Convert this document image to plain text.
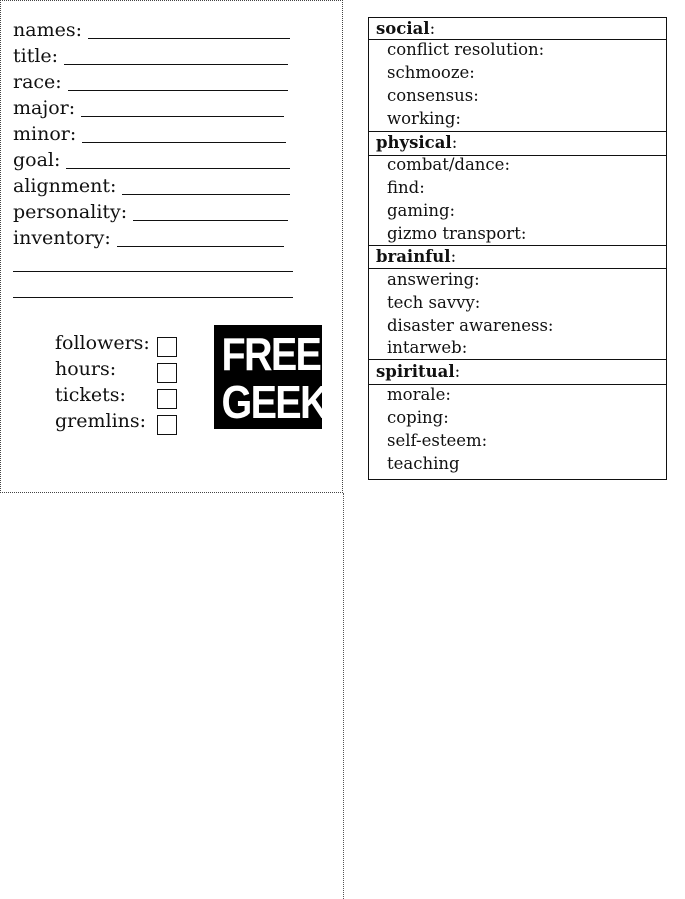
names:
title:
race:
major:
minor:
goal:
alignment:
personality:
inventory:
followers:
hours:
tickets:
gremlins:
FREE
GEEK
social:
conflict resolution:
schmooze:
consensus:
working:
physical:
combat/dance:
find:
gaming:
gizmo transport:
brainful:
answering:
tech savvy:
disaster awareness:
intarweb:
spiritual:
morale:
coping:
self-esteem:
teaching
